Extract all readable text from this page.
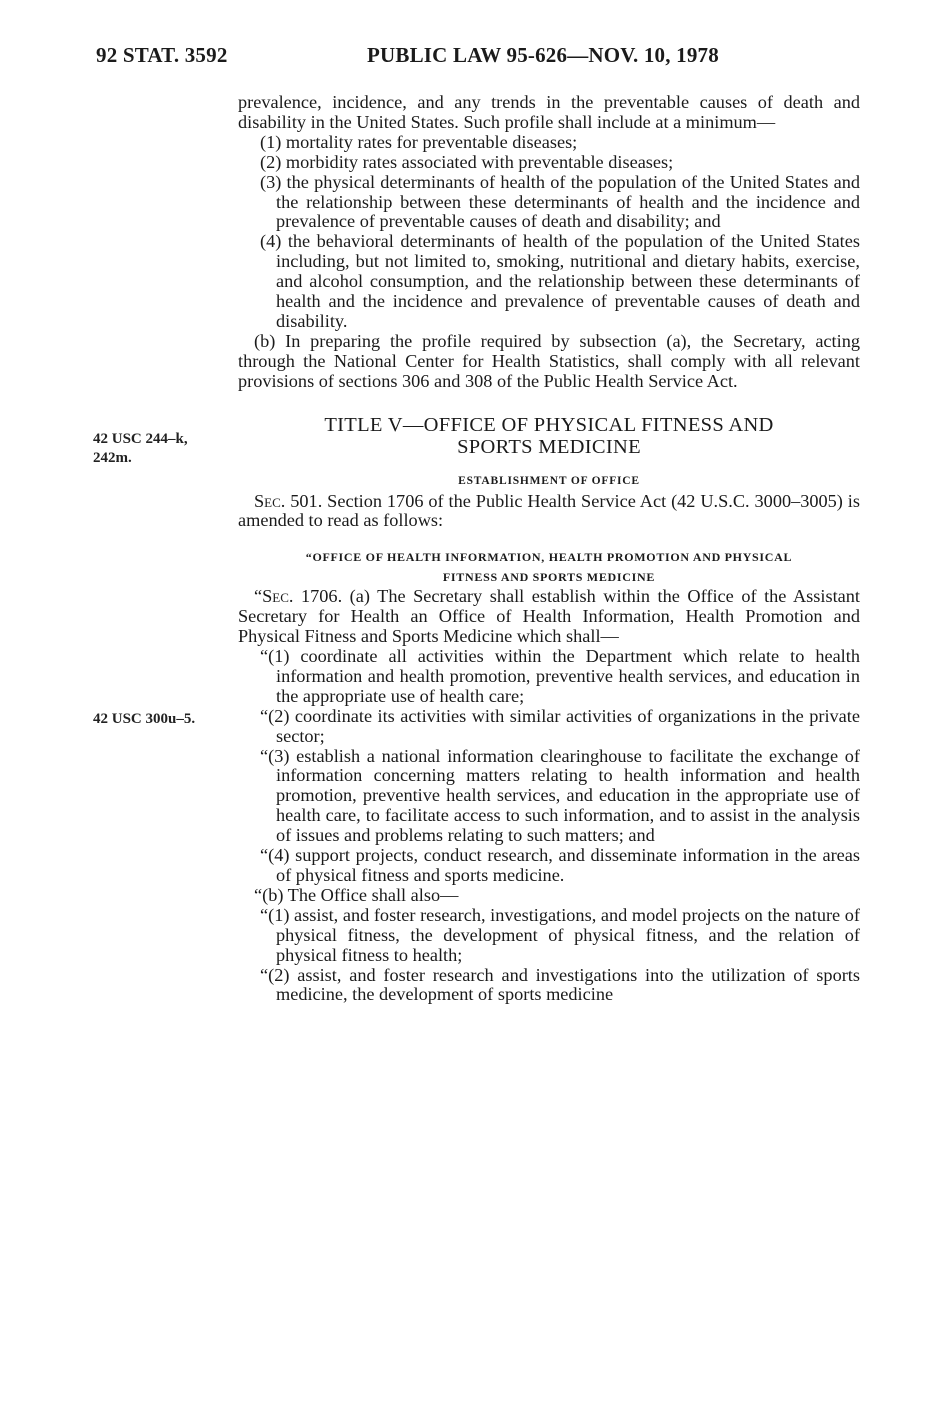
92 STAT. 3592	PUBLIC LAW 95-626—NOV. 10, 1978
42 USC 244–k,
242m.
42 USC 300u–5.

prevalence, incidence, and any trends in the preventable causes of death and disability in the United States. Such profile shall include at a minimum—

(1) mortality rates for preventable diseases;

(2) morbidity rates associated with preventable diseases;

(3) the physical determinants of health of the population of the United States and the relationship between these determinants of health and the incidence and prevalence of preventable causes of death and disability; and

(4) the behavioral determinants of health of the population of the United States including, but not limited to, smoking, nutritional and dietary habits, exercise, and alcohol consumption, and the relationship between these determinants of health and the incidence and prevalence of preventable causes of death and disability.

(b) In preparing the profile required by subsection (a), the Secretary, acting through the National Center for Health Statistics, shall comply with all relevant provisions of sections 306 and 308 of the Public Health Service Act.

TITLE V—OFFICE OF PHYSICAL FITNESS AND
SPORTS MEDICINE
ESTABLISHMENT OF OFFICE

Sec. 501. Section 1706 of the Public Health Service Act (42 U.S.C. 3000–3005) is amended to read as follows:

“OFFICE OF HEALTH INFORMATION, HEALTH PROMOTION AND PHYSICAL
FITNESS AND SPORTS MEDICINE

“Sec. 1706. (a) The Secretary shall establish within the Office of the Assistant Secretary for Health an Office of Health Information, Health Promotion and Physical Fitness and Sports Medicine which shall—

“(1) coordinate all activities within the Department which relate to health information and health promotion, preventive health services, and education in the appropriate use of health care;

“(2) coordinate its activities with similar activities of organizations in the private sector;

“(3) establish a national information clearinghouse to facilitate the exchange of information concerning matters relating to health information and health promotion, preventive health services, and education in the appropriate use of health care, to facilitate access to such information, and to assist in the analysis of issues and problems relating to such matters; and

“(4) support projects, conduct research, and disseminate information in the areas of physical fitness and sports medicine.

“(b) The Office shall also—

“(1) assist, and foster research, investigations, and model projects on the nature of physical fitness, the development of physical fitness, and the relation of physical fitness to health;

“(2) assist, and foster research and investigations into the utilization of sports medicine, the development of sports medicine
